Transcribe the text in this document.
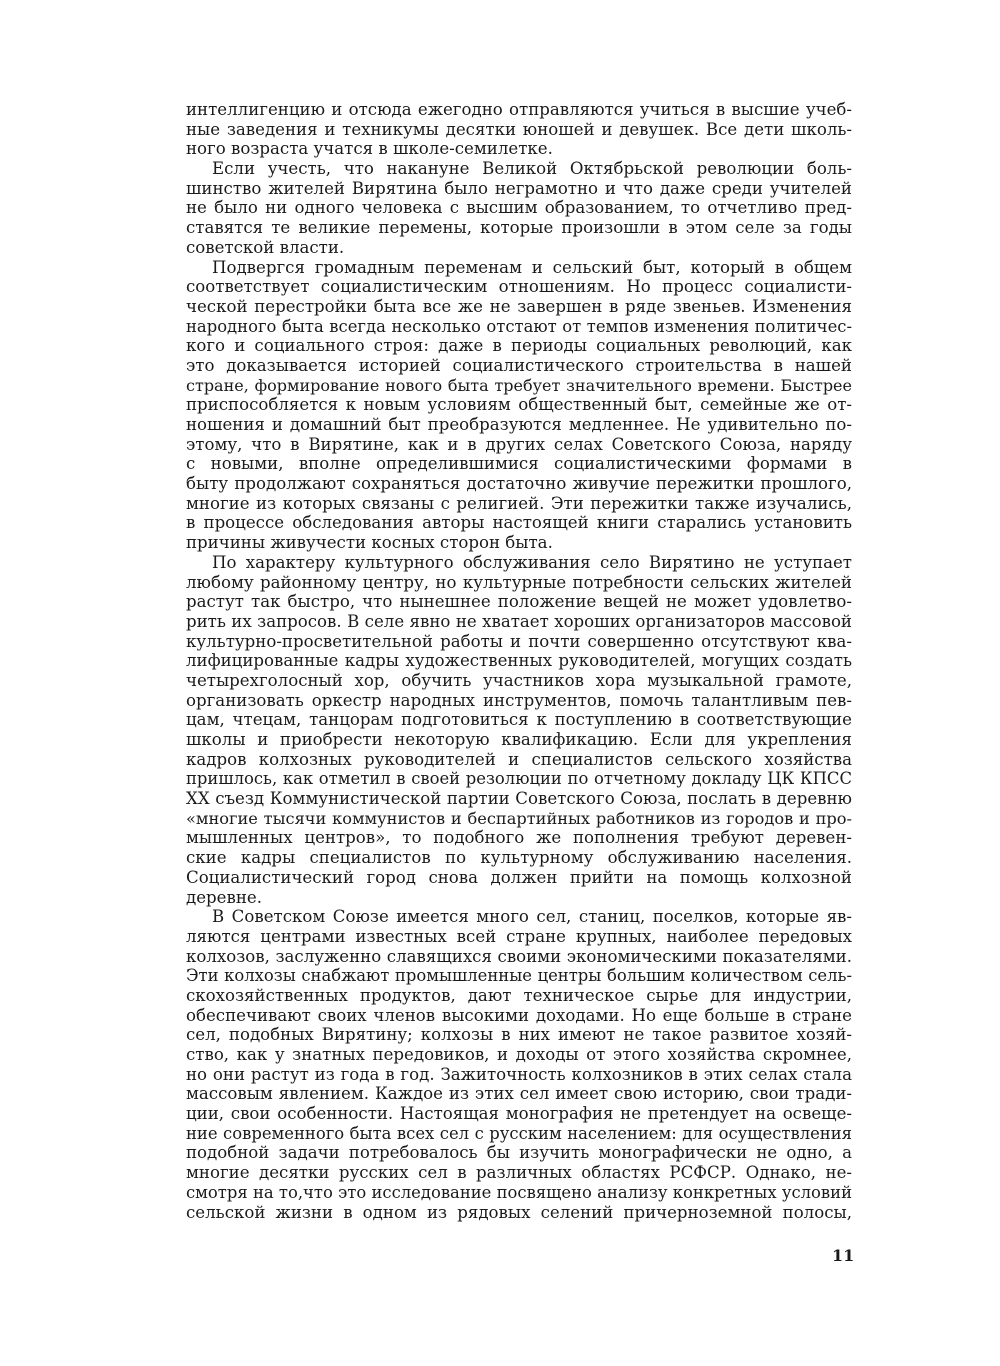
интеллигенцию и отсюда ежегодно отправляются учиться в высшие учеб-
ные заведения и техникумы десятки юношей и девушек. Все дети школь-
ного возраста учатся в школе-семилетке.
Если учесть, что накануне Великой Октябрьской революции боль-
шинство жителей Вирятина было неграмотно и что даже среди учителей
не было ни одного человека с высшим образованием, то отчетливо пред-
ставятся те великие перемены, которые произошли в этом селе за годы
советской власти.
Подвергся громадным переменам и сельский быт, который в общем
соответствует социалистическим отношениям. Но процесс социалисти-
ческой перестройки быта все же не завершен в ряде звеньев. Изменения
народного быта всегда несколько отстают от темпов изменения политичес-
кого и социального строя: даже в периоды социальных революций, как
это доказывается историей социалистического строительства в нашей
стране, формирование нового быта требует значительного времени. Быстрее
приспособляется к новым условиям общественный быт, семейные же от-
ношения и домашний быт преобразуются медленнее. Не удивительно по-
этому, что в Вирятине, как и в других селах Советского Союза, наряду
с новыми, вполне определившимися социалистическими формами в
быту продолжают сохраняться достаточно живучие пережитки прошлого,
многие из которых связаны с религией. Эти пережитки также изучались,
в процессе обследования авторы настоящей книги старались установить
причины живучести косных сторон быта.
По характеру культурного обслуживания село Вирятино не уступает
любому районному центру, но культурные потребности сельских жителей
растут так быстро, что нынешнее положение вещей не может удовлетво-
рить их запросов. В селе явно не хватает хороших организаторов массовой
культурно-просветительной работы и почти совершенно отсутствуют ква-
лифицированные кадры художественных руководителей, могущих создать
четырехголосный хор, обучить участников хора музыкальной грамоте,
организовать оркестр народных инструментов, помочь талантливым пев-
цам, чтецам, танцорам подготовиться к поступлению в соответствующие
школы и приобрести некоторую квалификацию. Если для укрепления
кадров колхозных руководителей и специалистов сельского хозяйства
пришлось, как отметил в своей резолюции по отчетному докладу ЦК КПСС
XX съезд Коммунистической партии Советского Союза, послать в деревню
«многие тысячи коммунистов и беспартийных работников из городов и про-
мышленных центров», то подобного же пополнения требуют деревен-
ские кадры специалистов по культурному обслуживанию населения.
Социалистический город снова должен прийти на помощь колхозной
деревне.
В Советском Союзе имеется много сел, станиц, поселков, которые яв-
ляются центрами известных всей стране крупных, наиболее передовых
колхозов, заслуженно славящихся своими экономическими показателями.
Эти колхозы снабжают промышленные центры большим количеством сель-
скохозяйственных продуктов, дают техническое сырье для индустрии,
обеспечивают своих членов высокими доходами. Но еще больше в стране
сел, подобных Вирятину; колхозы в них имеют не такое развитое хозяй-
ство, как у знатных передовиков, и доходы от этого хозяйства скромнее,
но они растут из года в год. Зажиточность колхозников в этих селах стала
массовым явлением. Каждое из этих сел имеет свою историю, свои тради-
ции, свои особенности. Настоящая монография не претендует на освеще-
ние современного быта всех сел с русским населением: для осуществления
подобной задачи потребовалось бы изучить монографически не одно, а
многие десятки русских сел в различных областях РСФСР. Однако, не-
смотря на то,что это исследование посвящено анализу конкретных условий
сельской жизни в одном из рядовых селений причерноземной полосы,
11
